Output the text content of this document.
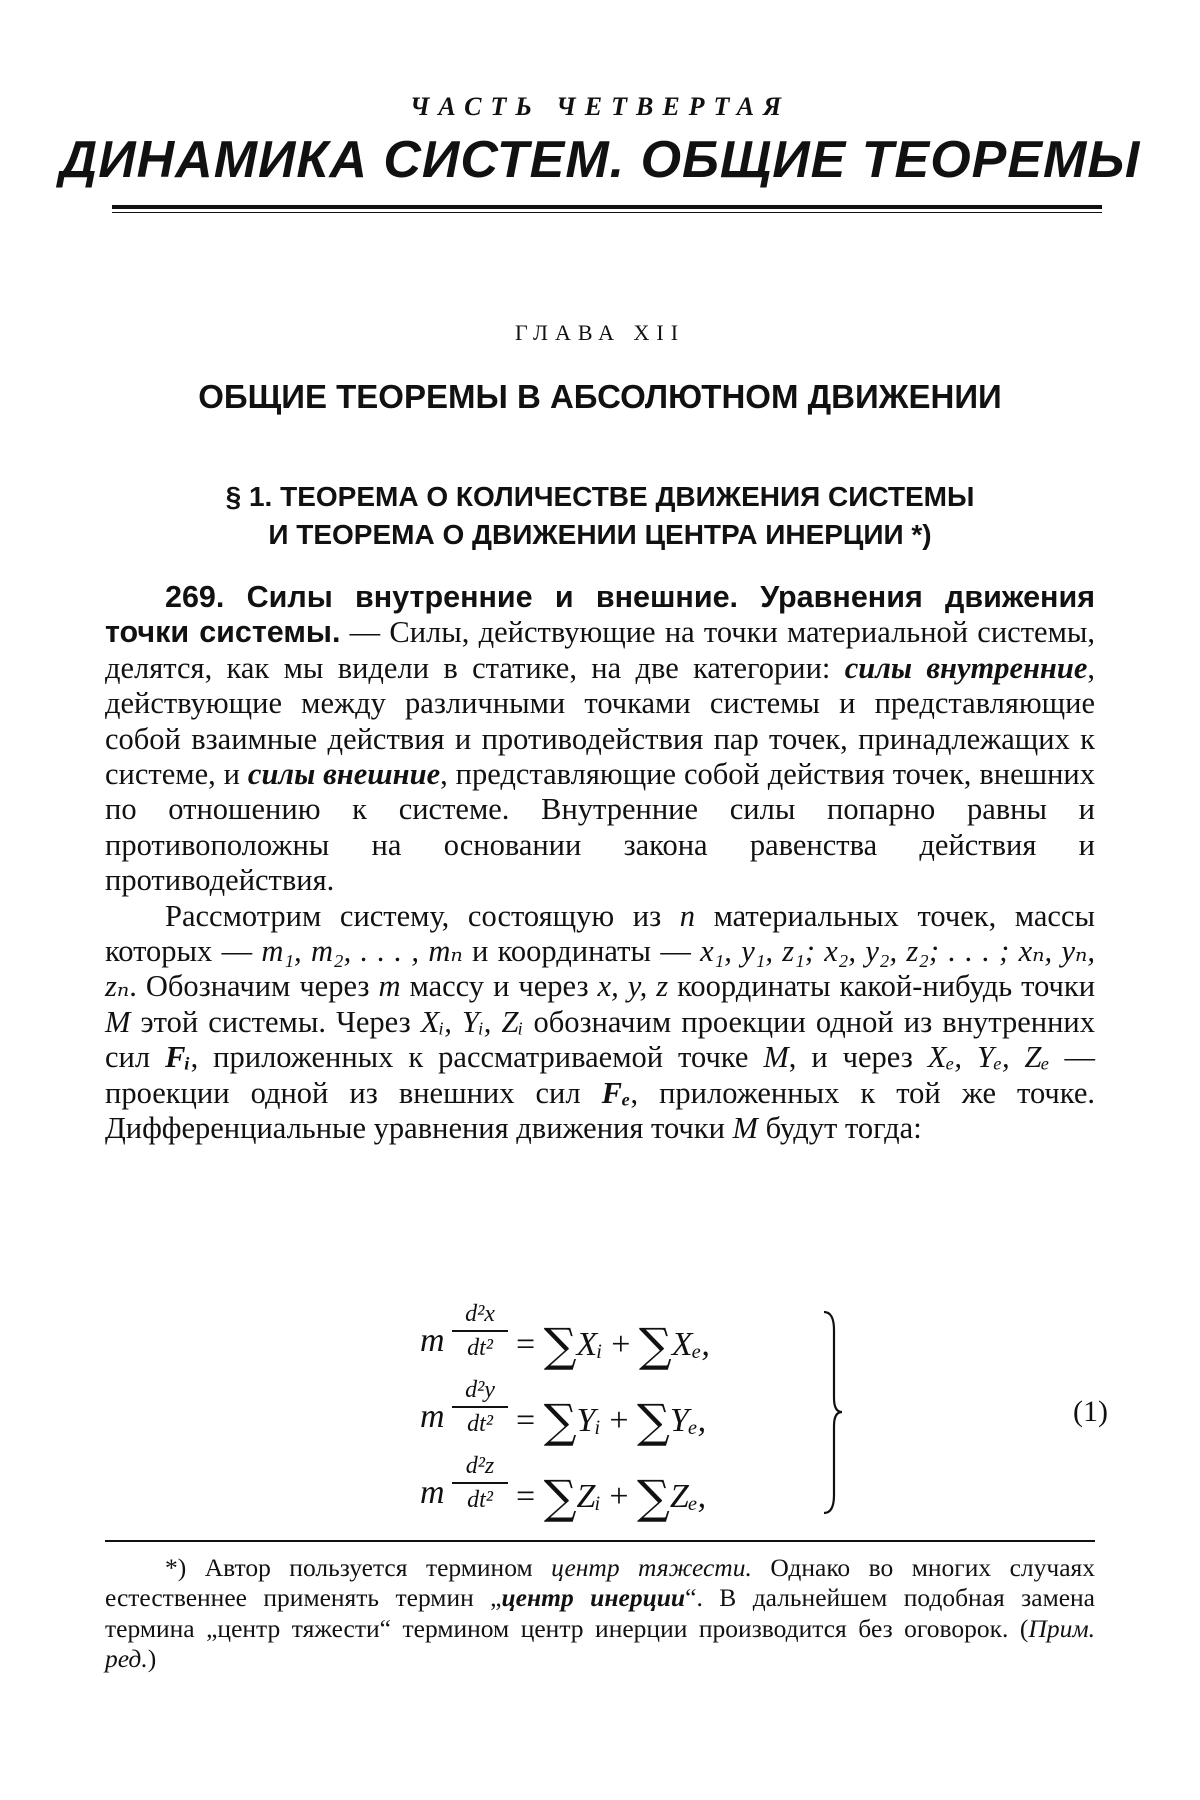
ЧАСТЬ ЧЕТВЕРТАЯ
ДИНАМИКА СИСТЕМ. ОБЩИЕ ТЕОРЕМЫ
ГЛАВА XII
ОБЩИЕ ТЕОРЕМЫ В АБСОЛЮТНОМ ДВИЖЕНИИ
§ 1. ТЕОРЕМА О КОЛИЧЕСТВЕ ДВИЖЕНИЯ СИСТЕМЫ
И ТЕОРЕМА О ДВИЖЕНИИ ЦЕНТРА ИНЕРЦИИ *)

269. Силы внутренние и внешние. Уравнения движения точки системы. — Силы, действующие на точки материальной системы, делятся, как мы видели в статике, на две категории: силы внутренние, действующие между различными точками системы и представляющие собой взаимные действия и противодействия пар точек, принадлежащих к системе, и силы внешние, представляющие собой действия точек, внешних по отношению к системе. Внутренние силы попарно равны и противоположны на основании закона равенства действия и противодействия.

Рассмотрим систему, состоящую из n материальных точек, массы которых — m₁, m₂, . . . , mₙ и координаты — x₁, y₁, z₁; x₂, y₂, z₂; . . . ; xₙ, yₙ, zₙ. Обозначим через m массу и через x, y, z координаты какой-нибудь точки M этой системы. Через Xᵢ, Yᵢ, Zᵢ обозначим проекции одной из внутренних сил Fᵢ, приложенных к рассматриваемой точке M, и через Xₑ, Yₑ, Zₑ — проекции одной из внешних сил Fₑ, приложенных к той же точке. Дифференциальные уравнения движения точки M будут тогда:

m $\frac{\text{d²x}}{\text{dt²}}$ = ∑Xᵢ + ∑Xₑ,
m $\frac{\text{d²y}}{\text{dt²}}$ = ∑Yᵢ + ∑Yₑ,
m $\frac{\text{d²z}}{\text{dt²}}$ = ∑Zᵢ + ∑Zₑ,
(1)

*) Автор пользуется термином центр тяжести. Однако во многих случаях естественнее применять термин „центр инерции“. В дальнейшем подобная замена термина „центр тяжести“ термином центр инерции производится без оговорок. (Прим. ред.)
